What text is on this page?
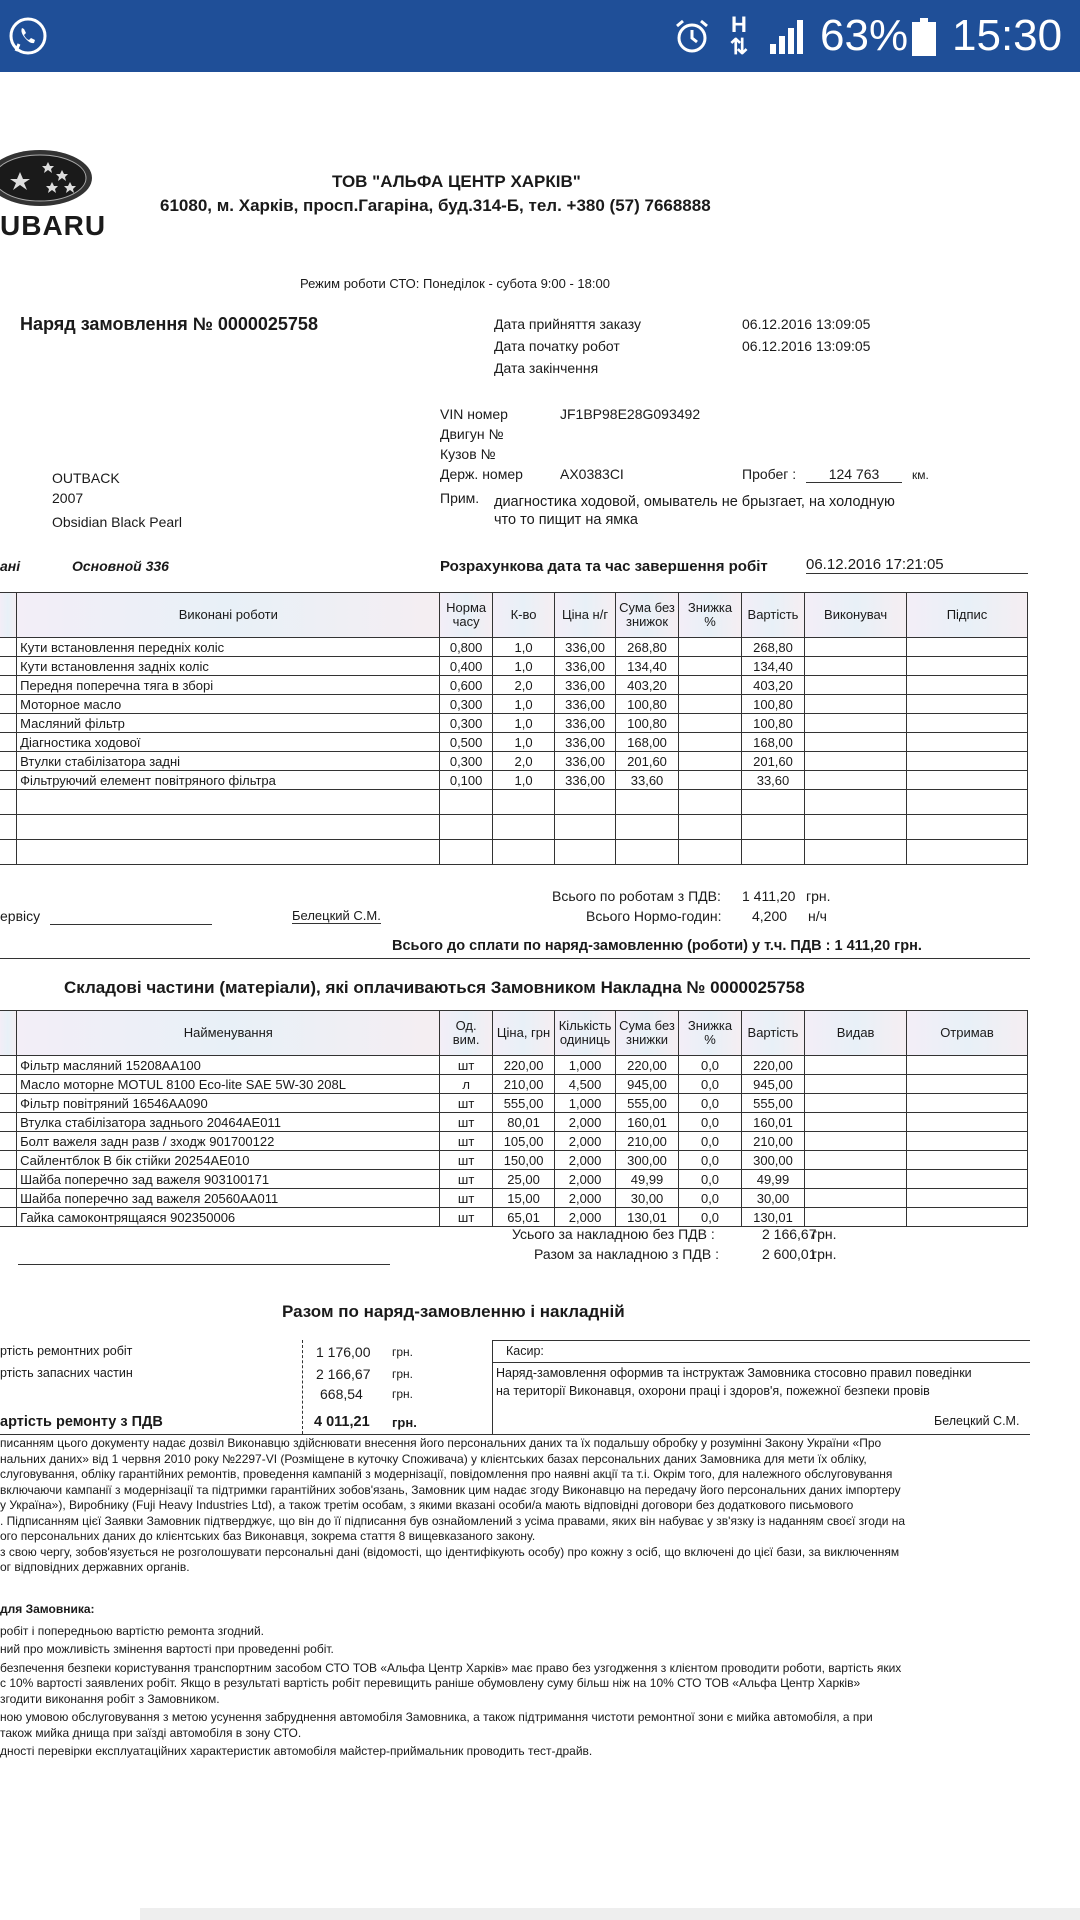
H
⇅ 63% 15:30
UBARU
ТОВ "АЛЬФА ЦЕНТР ХАРКІВ"
61080, м. Харків, просп.Гагаріна, буд.314-Б, тел. +380 (57) 7668888
Режим роботи СТО: Понеділок - субота 9:00 - 18:00
Наряд замовлення № 0000025758	Дата прийняття заказу	06.12.2016 13:09:05
Дата початку робот	06.12.2016 13:09:05
Дата закінчення
VIN номер	JF1BP98E28G093492
Двигун №
Кузов №
Держ. номер	AX0383CI	Пробег :	124 763	км.
Прим. диагностика ходовой, омыватель не брызгает, на холодную
что то пищит на ямка
OUTBACK
2007
Obsidian Black Pearl
ані	Основной 336	Розрахункова дата та час завершення робіт	06.12.2016 17:21:05
	Виконані роботи	Норма часу	К-во	Ціна н/г	Сума без знижок	Знижка %	Вартість	Виконувач	Підпис
	Кути встановлення передніх коліс	0,800	1,0	336,00	268,80		268,80		
	Кути встановлення задніх коліс	0,400	1,0	336,00	134,40		134,40		
	Передня поперечна тяга в зборі	0,600	2,0	336,00	403,20		403,20		
	Моторное масло	0,300	1,0	336,00	100,80		100,80		
	Масляний фільтр	0,300	1,0	336,00	100,80		100,80		
	Діагностика ходової	0,500	1,0	336,00	168,00		168,00		
	Втулки стабілізатора задні	0,300	2,0	336,00	201,60		201,60		
	Фільтруючий елемент повітряного фільтра	0,100	1,0	336,00	33,60		33,60		

Всього по роботам з ПДВ: 1 411,20 грн.
ервісу	Белецкий С.М.	Всього Нормо-годин: 4,200 н/ч
Всього до сплати по наряд-замовленню (роботи) у т.ч. ПДВ : 1 411,20 грн.
Складові частини (матеріали), які оплачиваються Замовником Накладна № 0000025758
	Найменування	Од. вим.	Ціна, грн	Кількість одиниць	Сума без знижки	Знижка %	Вартість	Видав	Отримав
	Фільтр масляний 15208AA100	шт	220,00	1,000	220,00	0,0	220,00		
	Масло моторне MOTUL 8100 Eco-lite SAE 5W-30 208L	л	210,00	4,500	945,00	0,0	945,00		
	Фільтр повітряний 16546AA090	шт	555,00	1,000	555,00	0,0	555,00		
	Втулка стабілізатора заднього 20464AE011	шт	80,01	2,000	160,01	0,0	160,01		
	Болт важеля задн разв / зходж 901700122	шт	105,00	2,000	210,00	0,0	210,00		
	Сайлентблок В бік стійки 20254AE010	шт	150,00	2,000	300,00	0,0	300,00		
	Шайба поперечно зад важеля 903100171	шт	25,00	2,000	49,99	0,0	49,99		
	Шайба поперечно зад важеля 20560AA011	шт	15,00	2,000	30,00	0,0	30,00		
	Гайка самоконтрящаяся 902350006	шт	65,01	2,000	130,01	0,0	130,01		
Усього за накладною без ПДВ :	2 166,67
грн.
Разом за накладною з ПДВ :	2 600,01
грн.
Разом по наряд-замовленню і накладній
ртість ремонтних робіт	1 176,00 грн.
ртість запасних частин	2 166,67 грн.
668,54 грн.
артість ремонту з ПДВ	4 011,21 грн.
Касир:
Наряд-замовлення оформив та інструктаж Замовника стосовно правил поведінки
на території Виконавця, охорони праці і здоров'я, пожежної безпеки провів
Белецкий С.М.

писанням цього документу надає дозвіл Виконавцю здійснювати внесення його персональних даних та їх подальшу обробку у розумінні Закону України «Про

нальних даних» від 1 червня 2010 року №2297-VI (Розміщене в куточку Споживача) у клієнтських базах персональних даних Замовника для мети їх обліку,

слуговування, обліку гарантійних ремонтів, проведення кампаній з модернізації, повідомлення про наявні акції та т.і. Окрім того, для належного обслуговування

включаючи кампанії з модернізації та підтримки гарантійних зобов'язань, Замовник цим надає згоду Виконавцю на передачу його персональних даних імпортеру

у Україна»), Виробнику (Fuji Heavy Industries Ltd), а також третім особам, з якими вказані особи/а мають відповідні договори без додаткового письмового

. Підписанням цієї Заявки Замовник підтверджує, що він до її підписання був ознайомлений з усіма правами, яких він набуває у зв'язку із наданням своєї згоди на

ого персональних даних до клієнтських баз Виконавця, зокрема стаття 8 вищевказаного закону.

з свою чергу, зобов'язується не розголошувати персональні дані (відомості, що ідентифікують особу) про кожну з осіб, що включені до цієї бази, за виключенням

ог відповідних державних органів.

для Замовника:

робіт і попередньою вартістю ремонта згодний.

ний про можливість змінення вартості при проведенні робіт.

безпечення безпеки користування транспортним засобом СТО ТОВ «Альфа Центр Харків» має право без узгодження з клієнтом проводити роботи, вартість яких

с 10% вартості заявлених робіт. Якщо в результаті вартість робіт перевищить раніше обумовлену суму більш ніж на 10% СТО ТОВ «Альфа Центр Харків»

згодити виконання робіт з Замовником.

ною умовою обслуговування з метою усунення забруднення автомобіля Замовника, а також підтримання чистоти ремонтної зони є мийка автомобіля, а при

також мийка днища при заїзді автомобіля в зону СТО.

дності перевірки експлуатаційних характеристик автомобіля майстер-приймальник проводить тест-драйв.
